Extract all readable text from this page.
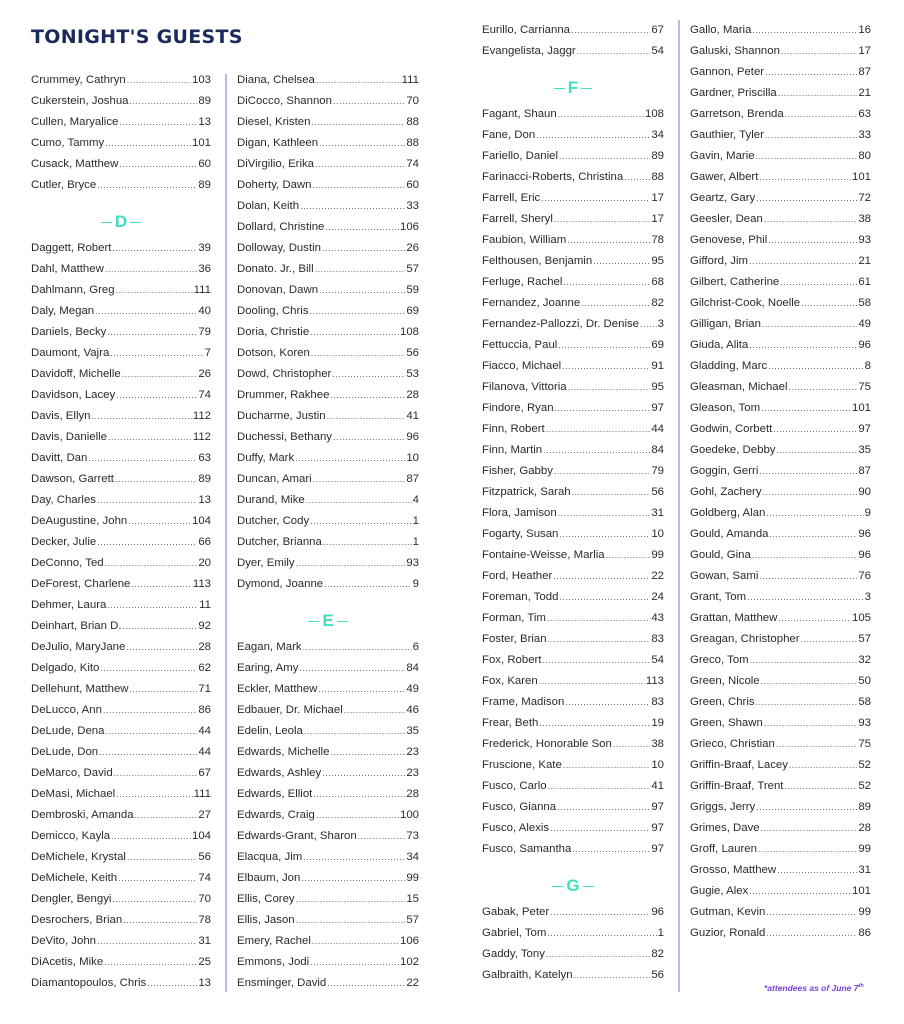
TONIGHT'S GUESTS
Crummey, Cathryn .....	103
Cukerstein, Joshua .....	89
Cullen, Maryalice .....	13
Cumo, Tammy .....	101
Cusack, Matthew .....	60
Cutler, Bryce .....	89
D
Daggett, Robert .....	39
Dahl, Matthew .....	36
Dahlmann, Greg .....	111
Daly, Megan .....	40
Daniels, Becky .....	79
Daumont, Vajra .....	7
Davidoff, Michelle .....	26
Davidson, Lacey .....	74
Davis, Ellyn .....	112
Davis, Danielle .....	112
Davitt, Dan .....	63
Dawson, Garrett .....	89
Day, Charles .....	13
DeAugustine, John .....	104
Decker, Julie .....	66
DeConno, Ted .....	20
DeForest, Charlene .....	113
Dehmer, Laura .....	11
Deinhart, Brian D. .....	92
DeJulio, MaryJane .....	28
Delgado, Kito .....	62
Dellehunt, Matthew .....	71
DeLucco, Ann .....	86
DeLude, Dena .....	44
DeLude, Don .....	44
DeMarco, David .....	67
DeMasi, Michael .....	111
Dembroski, Amanda .....	27
Demicco, Kayla .....	104
DeMichele, Krystal .....	56
DeMichele, Keith .....	74
Dengler, Bengyi .....	70
Desrochers, Brian .....	78
DeVito, John .....	31
DiAcetis, Mike .....	25
Diamantopoulos, Chris .....	13
Diana, Chelsea .....	111
DiCocco, Shannon .....	70
Diesel, Kristen .....	88
Digan, Kathleen .....	88
DiVirgilio, Erika .....	74
Doherty, Dawn .....	60
Dolan, Keith .....	33
Dollard, Christine .....	106
Dolloway, Dustin .....	26
Donato. Jr., Bill .....	57
Donovan, Dawn .....	59
Dooling, Chris .....	69
Doria, Christie .....	108
Dotson, Koren .....	56
Dowd, Christopher .....	53
Drummer, Rakhee .....	28
Ducharme, Justin .....	41
Duchessi, Bethany .....	96
Duffy, Mark .....	10
Duncan, Amari .....	87
Durand, Mike .....	4
Dutcher, Cody .....	1
Dutcher, Brianna .....	1
Dyer, Emily .....	93
Dymond, Joanne .....	9
E
Eagan, Mark .....	6
Earing, Amy .....	84
Eckler, Matthew .....	49
Edbauer, Dr. Michael .....	46
Edelin, Leola .....	35
Edwards, Michelle .....	23
Edwards, Ashley .....	23
Edwards, Elliot .....	28
Edwards, Craig .....	100
Edwards-Grant, Sharon .....	73
Elacqua, Jim .....	34
Elbaum, Jon .....	99
Ellis, Corey .....	15
Ellis, Jason .....	57
Emery, Rachel .....	106
Emmons, Jodi .....	102
Ensminger, David .....	22
Eurillo, Carrianna .....	67
Evangelista, Jaggr .....	54
F
Fagant, Shaun .....	108
Fane, Don .....	34
Fariello, Daniel .....	89
Farinacci-Roberts, Christina ..... 88
Farrell, Eric .....	17
Farrell, Sheryl .....	17
Faubion, William .....	78
Felthousen, Benjamin .....	95
Ferluge, Rachel .....	68
Fernandez, Joanne .....	82
Fernandez-Pallozzi, Dr. Denise ..... 3
Fettuccia, Paul .....	69
Fiacco, Michael .....	91
Filanova, Vittoria .....	95
Findore, Ryan .....	97
Finn, Robert .....	44
Finn, Martin .....	84
Fisher, Gabby .....	79
Fitzpatrick, Sarah .....	56
Flora, Jamison .....	31
Fogarty, Susan .....	10
Fontaine-Weisse, Marlia .....	99
Ford, Heather .....	22
Foreman, Todd .....	24
Forman, Tim .....	43
Foster, Brian .....	83
Fox, Robert .....	54
Fox, Karen .....	113
Frame, Madison .....	83
Frear, Beth .....	19
Frederick, Honorable Son .....	38
Fruscione, Kate .....	10
Fusco, Carlo .....	41
Fusco, Gianna .....	97
Fusco, Alexis .....	97
Fusco, Samantha .....	97
G
Gabak, Peter .....	96
Gabriel, Tom .....	1
Gaddy, Tony .....	82
Galbraith, Katelyn .....	56
Gallo, Maria .....	16
Galuski, Shannon .....	17
Gannon, Peter .....	87
Gardner, Priscilla .....	21
Garretson, Brenda .....	63
Gauthier, Tyler .....	33
Gavin, Marie .....	80
Gawer, Albert .....	101
Geartz, Gary .....	72
Geesler, Dean .....	38
Genovese, Phil .....	93
Gifford, Jim .....	21
Gilbert, Catherine .....	61
Gilchrist-Cook, Noelle .....	58
Gilligan, Brian .....	49
Giuda, Alita .....	96
Gladding, Marc .....	8
Gleasman, Michael .....	75
Gleason, Tom .....	101
Godwin, Corbett .....	97
Goedeke, Debby .....	35
Goggin, Gerri .....	87
Gohl, Zachery .....	90
Goldberg, Alan .....	9
Gould, Amanda .....	96
Gould, Gina .....	96
Gowan, Sami .....	76
Grant, Tom .....	3
Grattan, Matthew .....	105
Greagan, Christopher .....	57
Greco, Tom .....	32
Green, Nicole .....	50
Green, Chris .....	58
Green, Shawn .....	93
Grieco, Christian .....	75
Griffin-Braaf, Lacey .....	52
Griffin-Braaf, Trent .....	52
Griggs, Jerry .....	89
Grimes, Dave .....	28
Groff, Lauren .....	99
Grosso, Matthew .....	31
Gugie, Alex .....	101
Gutman, Kevin .....	99
Guzior, Ronald .....	86
*attendees as of June 7th
